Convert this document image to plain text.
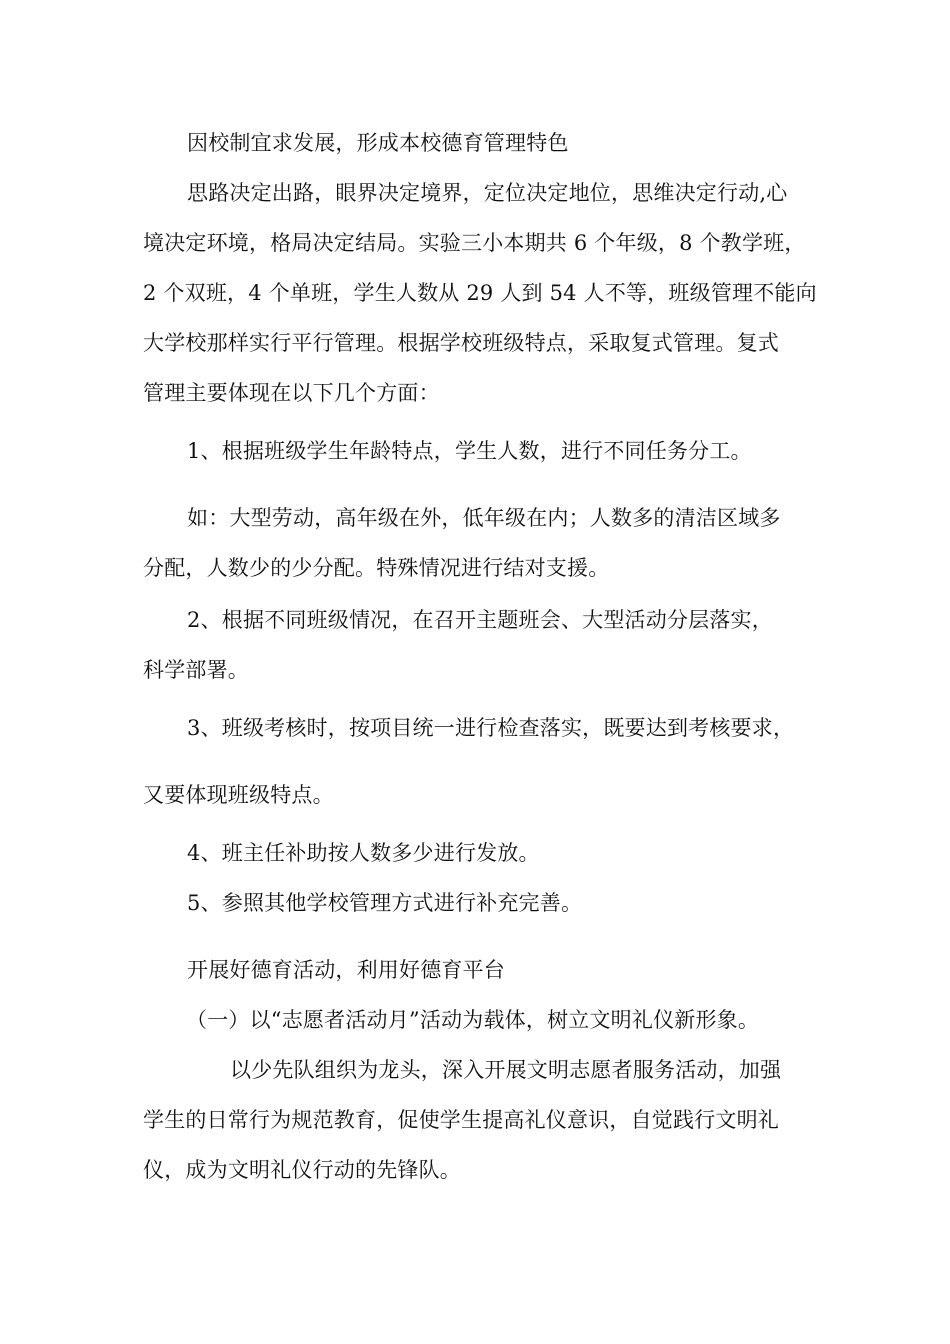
因校制宜求发展，形成本校德育管理特色
思路决定出路，眼界决定境界，定位决定地位，思维决定行动,心
境决定环境，格局决定结局。实验三小本期共 6 个年级，8 个教学班，
2 个双班，4 个单班，学生人数从 29 人到 54 人不等，班级管理不能向
大学校那样实行平行管理。根据学校班级特点，采取复式管理。复式
管理主要体现在以下几个方面：
1、根据班级学生年龄特点，学生人数，进行不同任务分工。
如：大型劳动，高年级在外，低年级在内；人数多的清洁区域多
分配，人数少的少分配。特殊情况进行结对支援。
2、根据不同班级情况，在召开主题班会、大型活动分层落实，
科学部署。
3、班级考核时，按项目统一进行检查落实，既要达到考核要求，
又要体现班级特点。
4、班主任补助按人数多少进行发放。
5、参照其他学校管理方式进行补充完善。
开展好德育活动，利用好德育平台
（一）以“志愿者活动月”活动为载体，树立文明礼仪新形象。
以少先队组织为龙头，深入开展文明志愿者服务活动，加强
学生的日常行为规范教育，促使学生提高礼仪意识，自觉践行文明礼
仪，成为文明礼仪行动的先锋队。
